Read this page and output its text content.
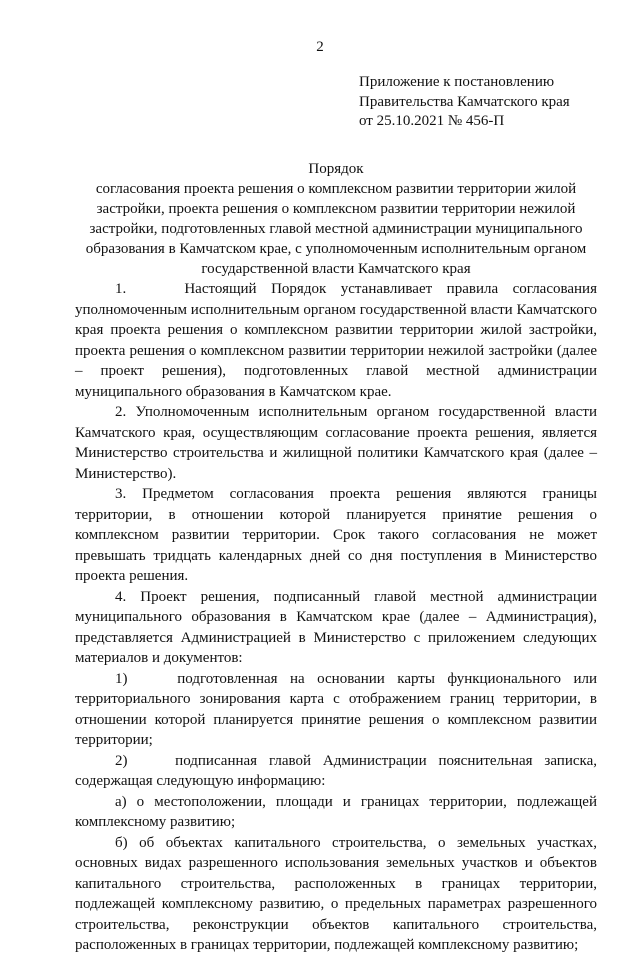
2
Приложение к постановлению
Правительства Камчатского края
от 25.10.2021 № 456-П
Порядок
согласования проекта решения о комплексном развитии территории жилой
застройки, проекта решения о комплексном развитии территории нежилой
застройки, подготовленных главой местной администрации муниципального
образования в Камчатском крае, с уполномоченным исполнительным органом
государственной власти Камчатского края

1.    Настоящий Порядок устанавливает правила согласования уполномоченным исполнительным органом государственной власти Камчатского края проекта решения о комплексном развитии территории жилой застройки, проекта решения о комплексном развитии территории нежилой застройки (далее – проект решения), подготовленных главой местной администрации муниципального образования в Камчатском крае.

2. Уполномоченным исполнительным органом государственной власти Камчатского края, осуществляющим согласование проекта решения, является Министерство строительства и жилищной политики Камчатского края (далее – Министерство).

3. Предметом согласования проекта решения являются границы территории, в отношении которой планируется принятие решения о комплексном развитии территории. Срок такого согласования не может превышать тридцать календарных дней со дня поступления в Министерство проекта решения.

4. Проект решения, подписанный главой местной администрации муниципального образования в Камчатском крае (далее – Администрация), представляется Администрацией в Министерство с приложением следующих материалов и документов:

1)    подготовленная на основании карты функционального или территориального зонирования карта с отображением границ территории, в отношении которой планируется принятие решения о комплексном развитии территории;

2)    подписанная главой Администрации пояснительная записка, содержащая следующую информацию:

а) о местоположении, площади и границах территории, подлежащей комплексному развитию;

б) об объектах капитального строительства, о земельных участках, основных видах разрешенного использования земельных участков и объектов капитального строительства, расположенных в границах территории, подлежащей комплексному развитию, о предельных параметрах разрешенного строительства, реконструкции объектов капитального строительства, расположенных в границах территории, подлежащей комплексному развитию;
